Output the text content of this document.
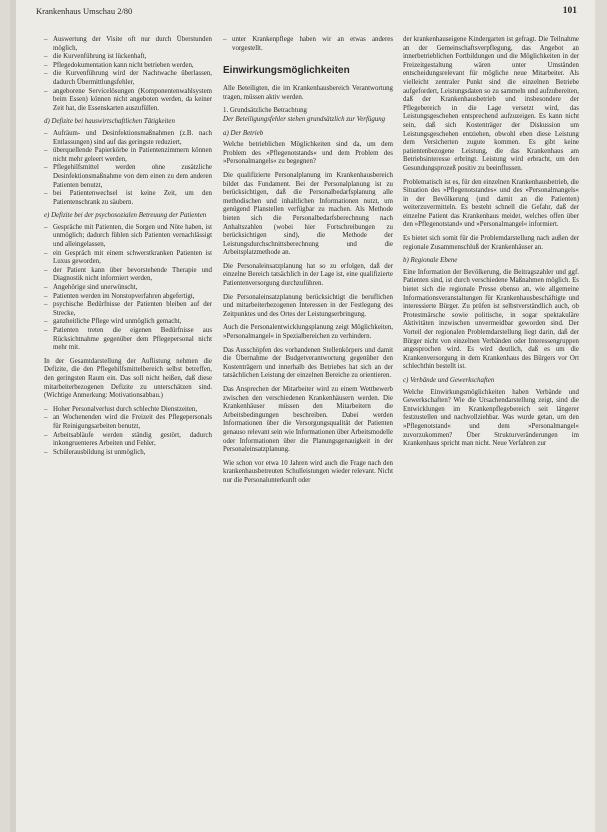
Krankenhaus Umschau 2/80	101
– Auswertung der Visite oft nur durch Überstunden möglich,
– die Kurvenführung ist lückenhaft,
– Pflegedokumentation kann nicht betrieben werden,
– die Kurvenführung wird der Nachtwache überlassen, dadurch Übermittlungsfehler,
– angeborene Servicelösungen (Komponentenwahlsystem beim Essen) können nicht angeboten werden, da keiner Zeit hat, die Essenskarten auszufüllen.
d) Defizite bei hauswirtschaftlichen Tätigkeiten
– Aufräum- und Desinfektionsmaßnahmen (z.B. nach Entlassungen) sind auf das geringste reduziert,
– überquellende Papierkörbe in Patientenzimmern können nicht mehr geleert werden,
– Pflegehilfsmittel werden ohne zusätzliche Desinfektionsmaßnahme von dem einen zu dem anderen Patienten benutzt,
– bei Patientenwechsel ist keine Zeit, um den Patientenschrank zu säubern.
e) Defizite bei der psychosozialen Betreuung der Patienten
– Gespräche mit Patienten, die Sorgen und Nöte haben, ist unmöglich; dadurch fühlen sich Patienten vernachlässigt und alleingelassen,
– ein Gespräch mit einem schwerstkranken Patienten ist Luxus geworden,
– der Patient kann über bevorstehende Therapie und Diagnostik nicht informiert werden,
– Angehörige sind unerwünscht,
– Patienten werden im Nonstopverfahren abgefertigt,
– psychische Bedürfnisse der Patienten bleiben auf der Strecke,
– ganzheitliche Pflege wird unmöglich gemacht,
– Patienten treten die eigenen Bedürfnisse aus Rücksichtnahme gegenüber dem Pflegepersonal nicht mehr mit.

In der Gesamtdarstellung der Auflistung nehmen die Defizite, die den Pflegehilfsmittelbereich selbst betreffen, den geringsten Raum ein. Das soll nicht heißen, daß diese mitarbeiterbezogenen Defizite zu unterschätzen sind. (Wichtige Anmerkung: Motivationsabbau.)

– Hoher Personalverlust durch schlechte Dienstzeiten,
– an Wochenenden wird die Freizeit des Pflegepersonals für Reinigungsarbeiten benutzt,
– Arbeitsabläufe werden ständig gestört, dadurch inkongruenteres Arbeiten und Fehler,
– Schülerausbildung ist unmöglich,
– unter Krankenpflege haben wir an etwas anderes vorgestellt.
Einwirkungsmöglichkeiten

Alle Beteiligten, die im Krankenhausbereich Verantwortung tragen, müssen aktiv werden.

1. Grundsätzliche Betrachtung

Der Beteiligungsfehler stehen grundsätzlich zur Verfügung

a) Der Betrieb

Welche betrieblichen Möglichkeiten sind da, um dem Problem des »Pflegenotstands« und dem Problem des »Personalmangels« zu begegnen?

Die qualifizierte Personalplanung im Krankenhausbereich bildet das Fundament. Bei der Personalplanung ist zu berücksichtigen, daß die Personalbedarfsplanung alle methodischen und inhaltlichen Informationen nutzt, um genügend Planstellen verfügbar zu machen. Als Methode bieten sich die Personalbedarfsberechnung nach Anhaltszahlen (wobei hier Fortschreibungen zu berücksichtigen sind), die Methode der Leistungsdurchschnittsberechnung und die Arbeitsplatzmethode an.

Die Personaleinsatzplanung hat so zu erfolgen, daß der einzelne Bereich tatsächlich in der Lage ist, eine qualifizierte Patientenversorgung durchzuführen.

Die Personaleinsatzplanung berücksichtigt die beruflichen und mitarbeiterbezogenen Interessen in der Festlegung des Zeitpunktes und des Ortes der Leistungserbringung.

Auch die Personalentwicklungsplanung zeigt Möglichkeiten, »Personalmangel« in Spezialbereichen zu verhindern.

Das Ausschöpfen des vorhandenen Stellenkörpers und damit die Übernahme der Budgetverantwortung gegenüber den Kostenträgern und innerhalb des Betriebes hat sich an der tatsächlichen Leistung der einzelnen Bereiche zu orientieren.

Das Ansprechen der Mitarbeiter wird zu einem Wettbewerb zwischen den verschiedenen Krankenhäusern werden. Die Krankenhäuser müssen den Mitarbeitern die Arbeitsbedingungen beschreiben. Dabei werden Informationen über die Versorgungsqualität der Patienten genauso relevant sein wie Informationen über Arbeitsmodelle oder Informationen über die Planungsgenauigkeit in der Personaleinsatzplanung.

Wie schon vor etwa 10 Jahren wird auch die Frage nach den krankenhausbetreuten Schulleistungen wieder relevant. Nicht nur die Personalunterkunft oder

der krankenhauseigene Kindergarten ist gefragt. Die Teilnahme an der Gemeinschaftsverpflegung, das Angebot an innerbetrieblichen Fortbildungen und die Möglichkeiten in der Freizeitgestaltung wären unter Umständen entscheidungsrelevant für mögliche neue Mitarbeiter. Als vielleicht zentraler Punkt sind die einzelnen Betriebe aufgefordert, Leistungsdaten so zu sammeln und aufzubereiten, daß der Krankenhausbetrieb und insbesondere der Pflegebereich in die Lage versetzt wird, das Leistungsgeschehen entsprechend aufzuzeigen. Es kann nicht sein, daß sich Kostenträger der Diskussion um Leistungsgeschehen entziehen, obwohl eben diese Leistung dem Versicherten zugute kommen. Es gibt keine patientenbezogene Leistung, die das Krankenhaus am Betriebsinteresse erbringt. Leistung wird erbracht, um den Gesundungsprozeß positiv zu beeinflussen.

Problematisch ist es, für den einzelnen Krankenhausbetrieb, die Situation des »Pflegenotstandes« und des »Personalmangels« in der Bevölkerung (und damit an die Patienten) weiterzuvermitteln. Es besteht schnell die Gefahr, daß der einzelne Patient das Krankenhaus meidet, welches offen über den »Pflegenotstand« und »Personalmangel« informiert.

Es bietet sich somit für die Problemdarstellung nach außen der regionale Zusammenschluß der Krankenhäuser an.

b) Regionale Ebene

Eine Information der Bevölkerung, die Beitragszahler und ggf. Patienten sind, ist durch verschiedene Maßnahmen möglich. Es bietet sich die regionale Presse ebenso an, wie allgemeine Informationsveranstaltungen für Krankenhausbeschäftigte und interessierte Bürger. Zu prüfen ist selbstverständlich auch, ob Protestmärsche sowie politische, in sogar spektakuläre Aktivitäten inzwischen unvermeidbar geworden sind. Der Vorteil der regionalen Problemdarstellung liegt darin, daß der Bürger nicht von einzelnen Verbänden oder Interessengruppen angesprochen wird. Es wird deutlich, daß es um die Krankenversorgung in dem Krankenhaus des Bürgers vor Ort schlechthin bestellt ist.

c) Verbände und Gewerkschaften

Welche Einwirkungsmöglichkeiten haben Verbände und Gewerkschaften? Wie die Ursachendarstellung zeigt, sind die Entwicklungen im Krankenpflegebereich seit längerer festzustellen und nachvollziehbar. Was wurde getan, um den »Pflegenotstand« und dem »Personalmangel« zuvorzukommen? Über Strukturveränderungen im Krankenhaus spricht man nicht. Neue Verfahren zur
